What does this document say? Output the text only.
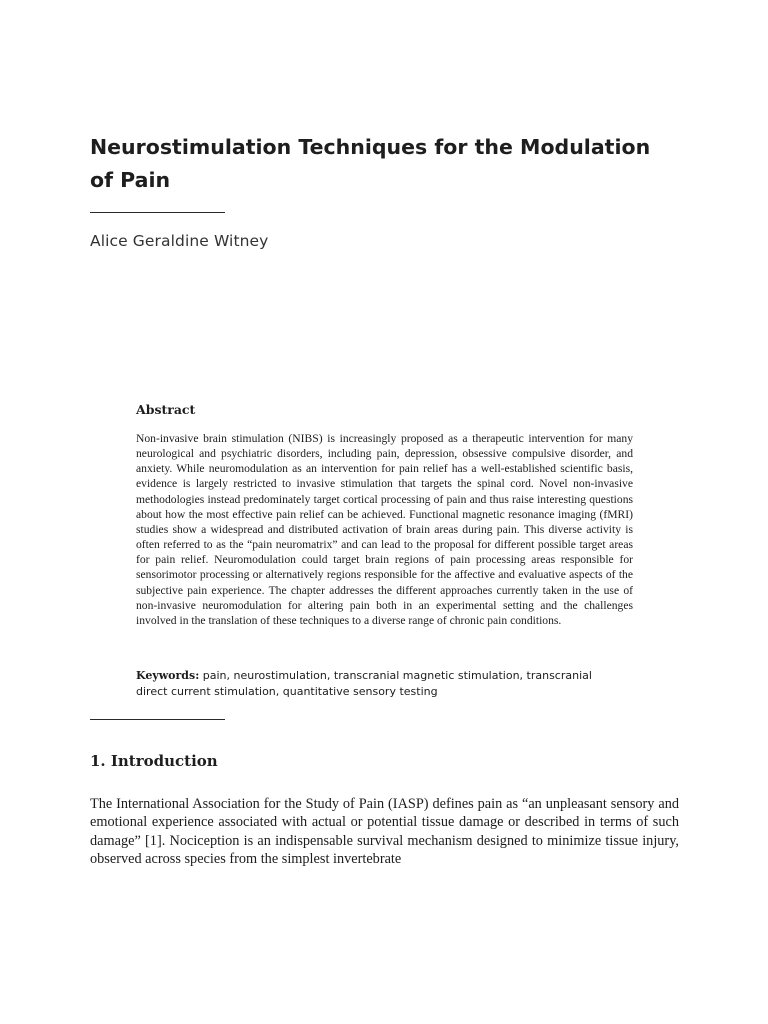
Neurostimulation Techniques for the Modulation of Pain
Alice Geraldine Witney
Abstract

Non-invasive brain stimulation (NIBS) is increasingly proposed as a therapeutic intervention for many neurological and psychiatric disorders, including pain, depression, obsessive compulsive disorder, and anxiety. While neuromodulation as an intervention for pain relief has a well-established scientific basis, evidence is largely restricted to invasive stimulation that targets the spinal cord. Novel non-invasive methodologies instead predominately target cortical processing of pain and thus raise interesting questions about how the most effective pain relief can be achieved. Functional magnetic resonance imaging (fMRI) studies show a widespread and distributed activation of brain areas during pain. This diverse activity is often referred to as the “pain neuromatrix” and can lead to the proposal for different possible target areas for pain relief. Neuromodulation could target brain regions of pain processing areas responsible for sensorimotor processing or alternatively regions responsible for the affective and evaluative aspects of the subjective pain experience. The chapter addresses the different approaches currently taken in the use of non-invasive neuromodulation for altering pain both in an experimental setting and the challenges involved in the translation of these techniques to a diverse range of chronic pain conditions.

Keywords: pain, neurostimulation, transcranial magnetic stimulation, transcranial direct current stimulation, quantitative sensory testing

1. Introduction

The International Association for the Study of Pain (IASP) defines pain as “an unpleasant sensory and emotional experience associated with actual or potential tissue damage or described in terms of such damage” [1]. Nociception is an indispensable survival mechanism designed to minimize tissue injury, observed across species from the simplest invertebrate
